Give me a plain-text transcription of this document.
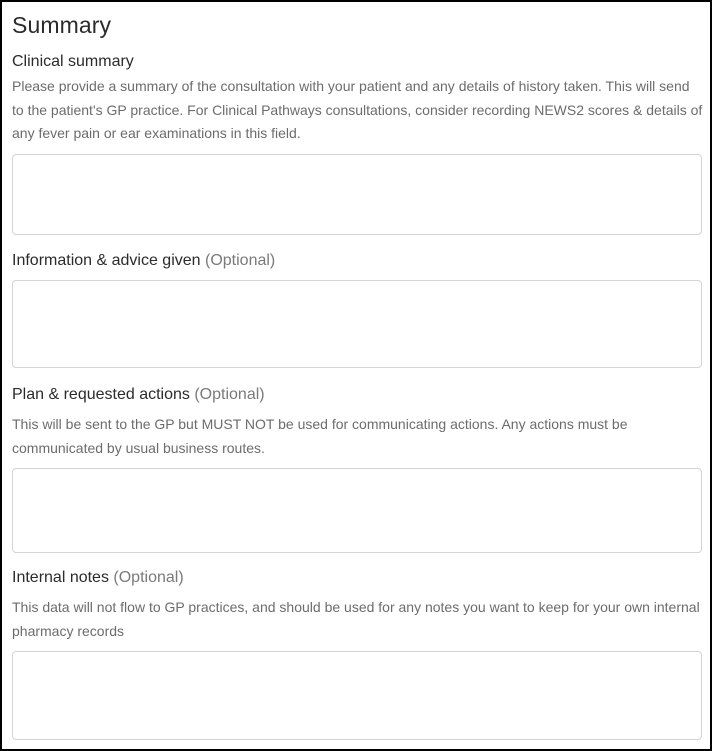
Summary
Clinical summary

Please provide a summary of the consultation with your patient and any details of history taken. This will send to the patient's GP practice. For Clinical Pathways consultations, consider recording NEWS2 scores & details of any fever pain or ear examinations in this field.

Information & advice given (Optional)
Plan & requested actions (Optional)

This will be sent to the GP but MUST NOT be used for communicating actions. Any actions must be communicated by usual business routes.

Internal notes (Optional)

This data will not flow to GP practices, and should be used for any notes you want to keep for your own internal pharmacy records
